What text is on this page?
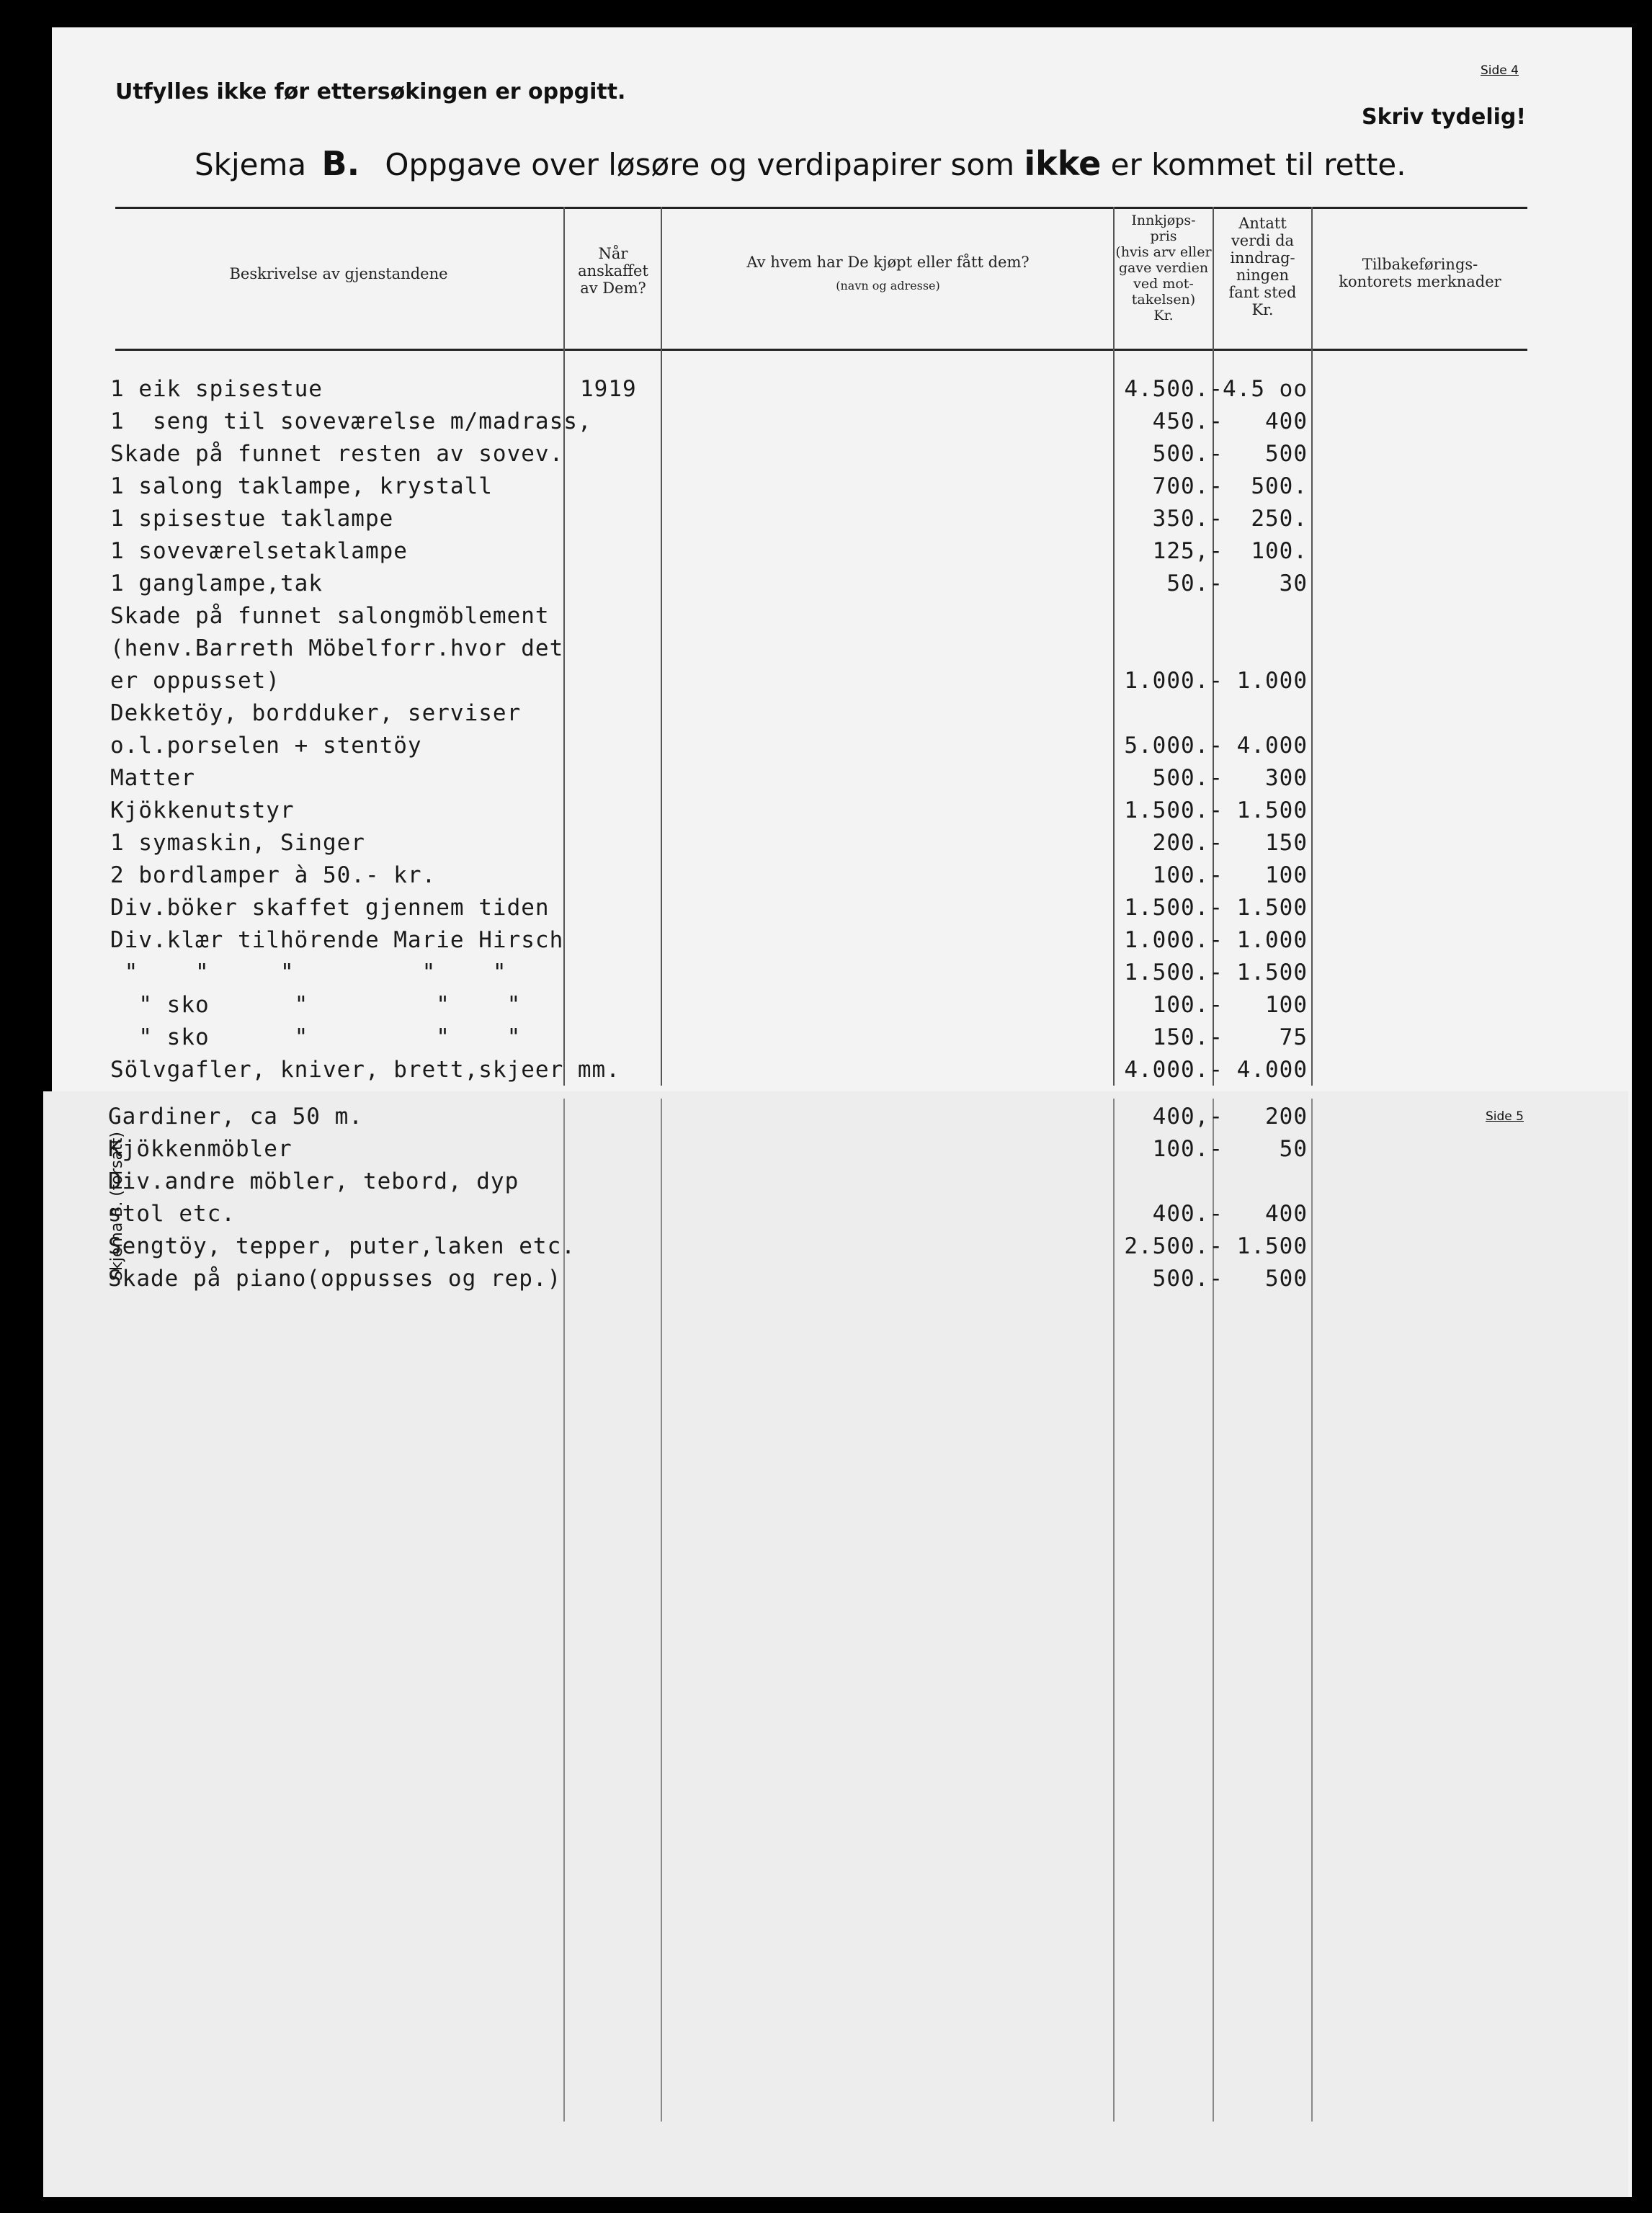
Utfylles ikke før ettersøkingen er oppgitt.
Side 4
Skriv tydelig!
Skjema B. Oppgave over løsøre og verdipapirer som ikke er kommet til rette.
Beskrivelse av gjenstandene
Når
anskaffet
av Dem?
Av hvem har De kjøpt eller fått dem?
(navn og adresse)
Innkjøps-
pris
(hvis arv eller
gave verdien
ved mot-
takelsen)
Kr.
Antatt
verdi da
inndrag-
ningen
fant sted
Kr.
Tilbakeførings-
kontorets merknader
1 eik spisestue	1919	4.500.- 4.5 oo
1  seng til soveværelse m/madrass,	450.-	400
Skade på funnet resten av sovev.	500.-	500
1 salong taklampe, krystall	700.-	500.
1 spisestue taklampe	350.-	250.
1 soveværelsetaklampe	125,-	100.
1 ganglampe,tak	50.-	30
Skade på funnet salongmöblement
(henv.Barreth Möbelforr.hvor det
er oppusset)	1.000.- 1.000
Dekketöy, bordduker, serviser
o.l.porselen + stentöy	5.000.- 4.000
Matter	500.-	300
Kjökkenutstyr	1.500.- 1.500
1 symaskin, Singer	200.-	150
2 bordlamper à 50.- kr.	100.-	100
Div.böker skaffet gjennem tiden	1.500.- 1.500
Div.klær tilhörende Marie Hirsch	1.000.- 1.000
"    "     "         "    "	1.500.- 1.500
" sko      "         "    "	100.-	100
" sko      "         "    "	150.-	75
Sölvgafler, kniver, brett,skjeer mm.	4.000.- 4.000
Side 5
Skjema B. (forsatt)
Gardiner, ca 50 m.	400,-	200
Kjökkenmöbler	100.-	50
Div.andre möbler, tebord, dyp
stol etc.	400.-	400
Sengtöy, tepper, puter,laken etc.	2.500.- 1.500
Skade på piano(oppusses og rep.)	500.-	500
